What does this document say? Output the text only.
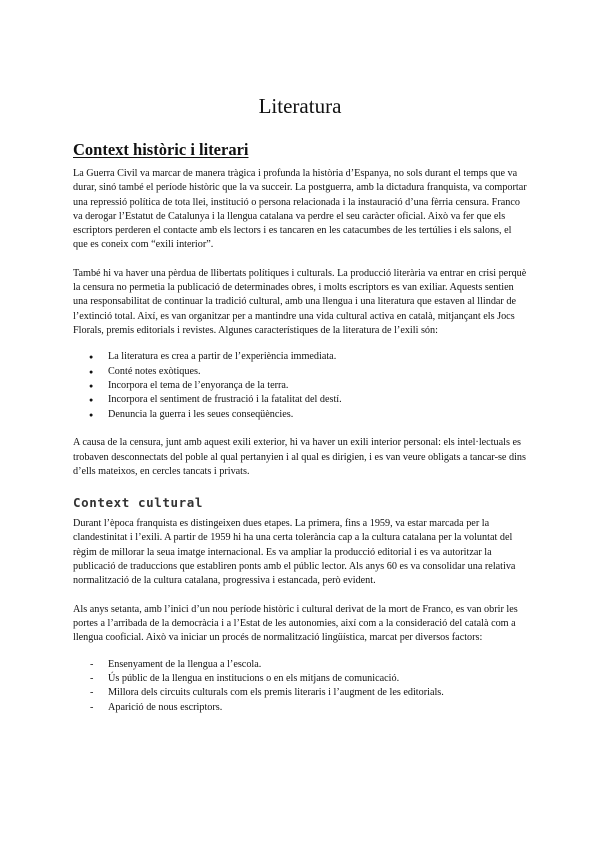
Literatura
Context històric i literari

La Guerra Civil va marcar de manera tràgica i profunda la història d’Espanya, no sols durant el temps que va durar, sinó també el període històric que la va succeir. La postguerra, amb la dictadura franquista, va comportar una repressió política de tota llei, institució o persona relacionada i la instauració d’una fèrria censura. Franco va derogar l’Estatut de Catalunya i la llengua catalana va perdre el seu caràcter oficial. Això va fer que els escriptors perderen el contacte amb els lectors i es tancaren en les catacumbes de les tertúlies i els salons, el que es coneix com “exili interior”.

També hi va haver una pèrdua de llibertats polítiques i culturals. La producció literària va entrar en crisi perquè la censura no permetia la publicació de determinades obres, i molts escriptors es van exiliar. Aquests sentien una responsabilitat de continuar la tradició cultural, amb una llengua i una literatura que estaven al llindar de l’extinció total. Així, es van organitzar per a mantindre una vida cultural activa en català, mitjançant els Jocs Florals, premis editorials i revistes. Algunes característiques de la literatura de l’exili són:

● La literatura es crea a partir de l’experiència immediata.
● Conté notes exòtiques.
● Incorpora el tema de l’enyorança de la terra.
● Incorpora el sentiment de frustració i la fatalitat del destí.
● Denuncia la guerra i les seues conseqüències.

A causa de la censura, junt amb aquest exili exterior, hi va haver un exili interior personal: els intel·lectuals es trobaven desconnectats del poble al qual pertanyien i al qual es dirigien, i es van veure obligats a tancar-se dins d’ells mateixos, en cercles tancats i privats.

Context cultural

Durant l’època franquista es distingeixen dues etapes. La primera, fins a 1959, va estar marcada per la clandestinitat i l’exili. A partir de 1959 hi ha una certa tolerància cap a la cultura catalana per la voluntat del règim de millorar la seua imatge internacional. Es va ampliar la producció editorial i es va autoritzar la publicació de traduccions que establiren ponts amb el públic lector. Als anys 60 es va consolidar una relativa normalització de la cultura catalana, progressiva i estancada, però evident.

Als anys setanta, amb l’inici d’un nou període històric i cultural derivat de la mort de Franco, es van obrir les portes a l’arribada de la democràcia i a l’Estat de les autonomies, així com a la consideració del català com a llengua cooficial. Això va iniciar un procés de normalització lingüística, marcat per diversos factors:

- Ensenyament de la llengua a l’escola.
- Ús públic de la llengua en institucions o en els mitjans de comunicació.
- Millora dels circuits culturals com els premis literaris i l’augment de les editorials.
- Aparició de nous escriptors.
